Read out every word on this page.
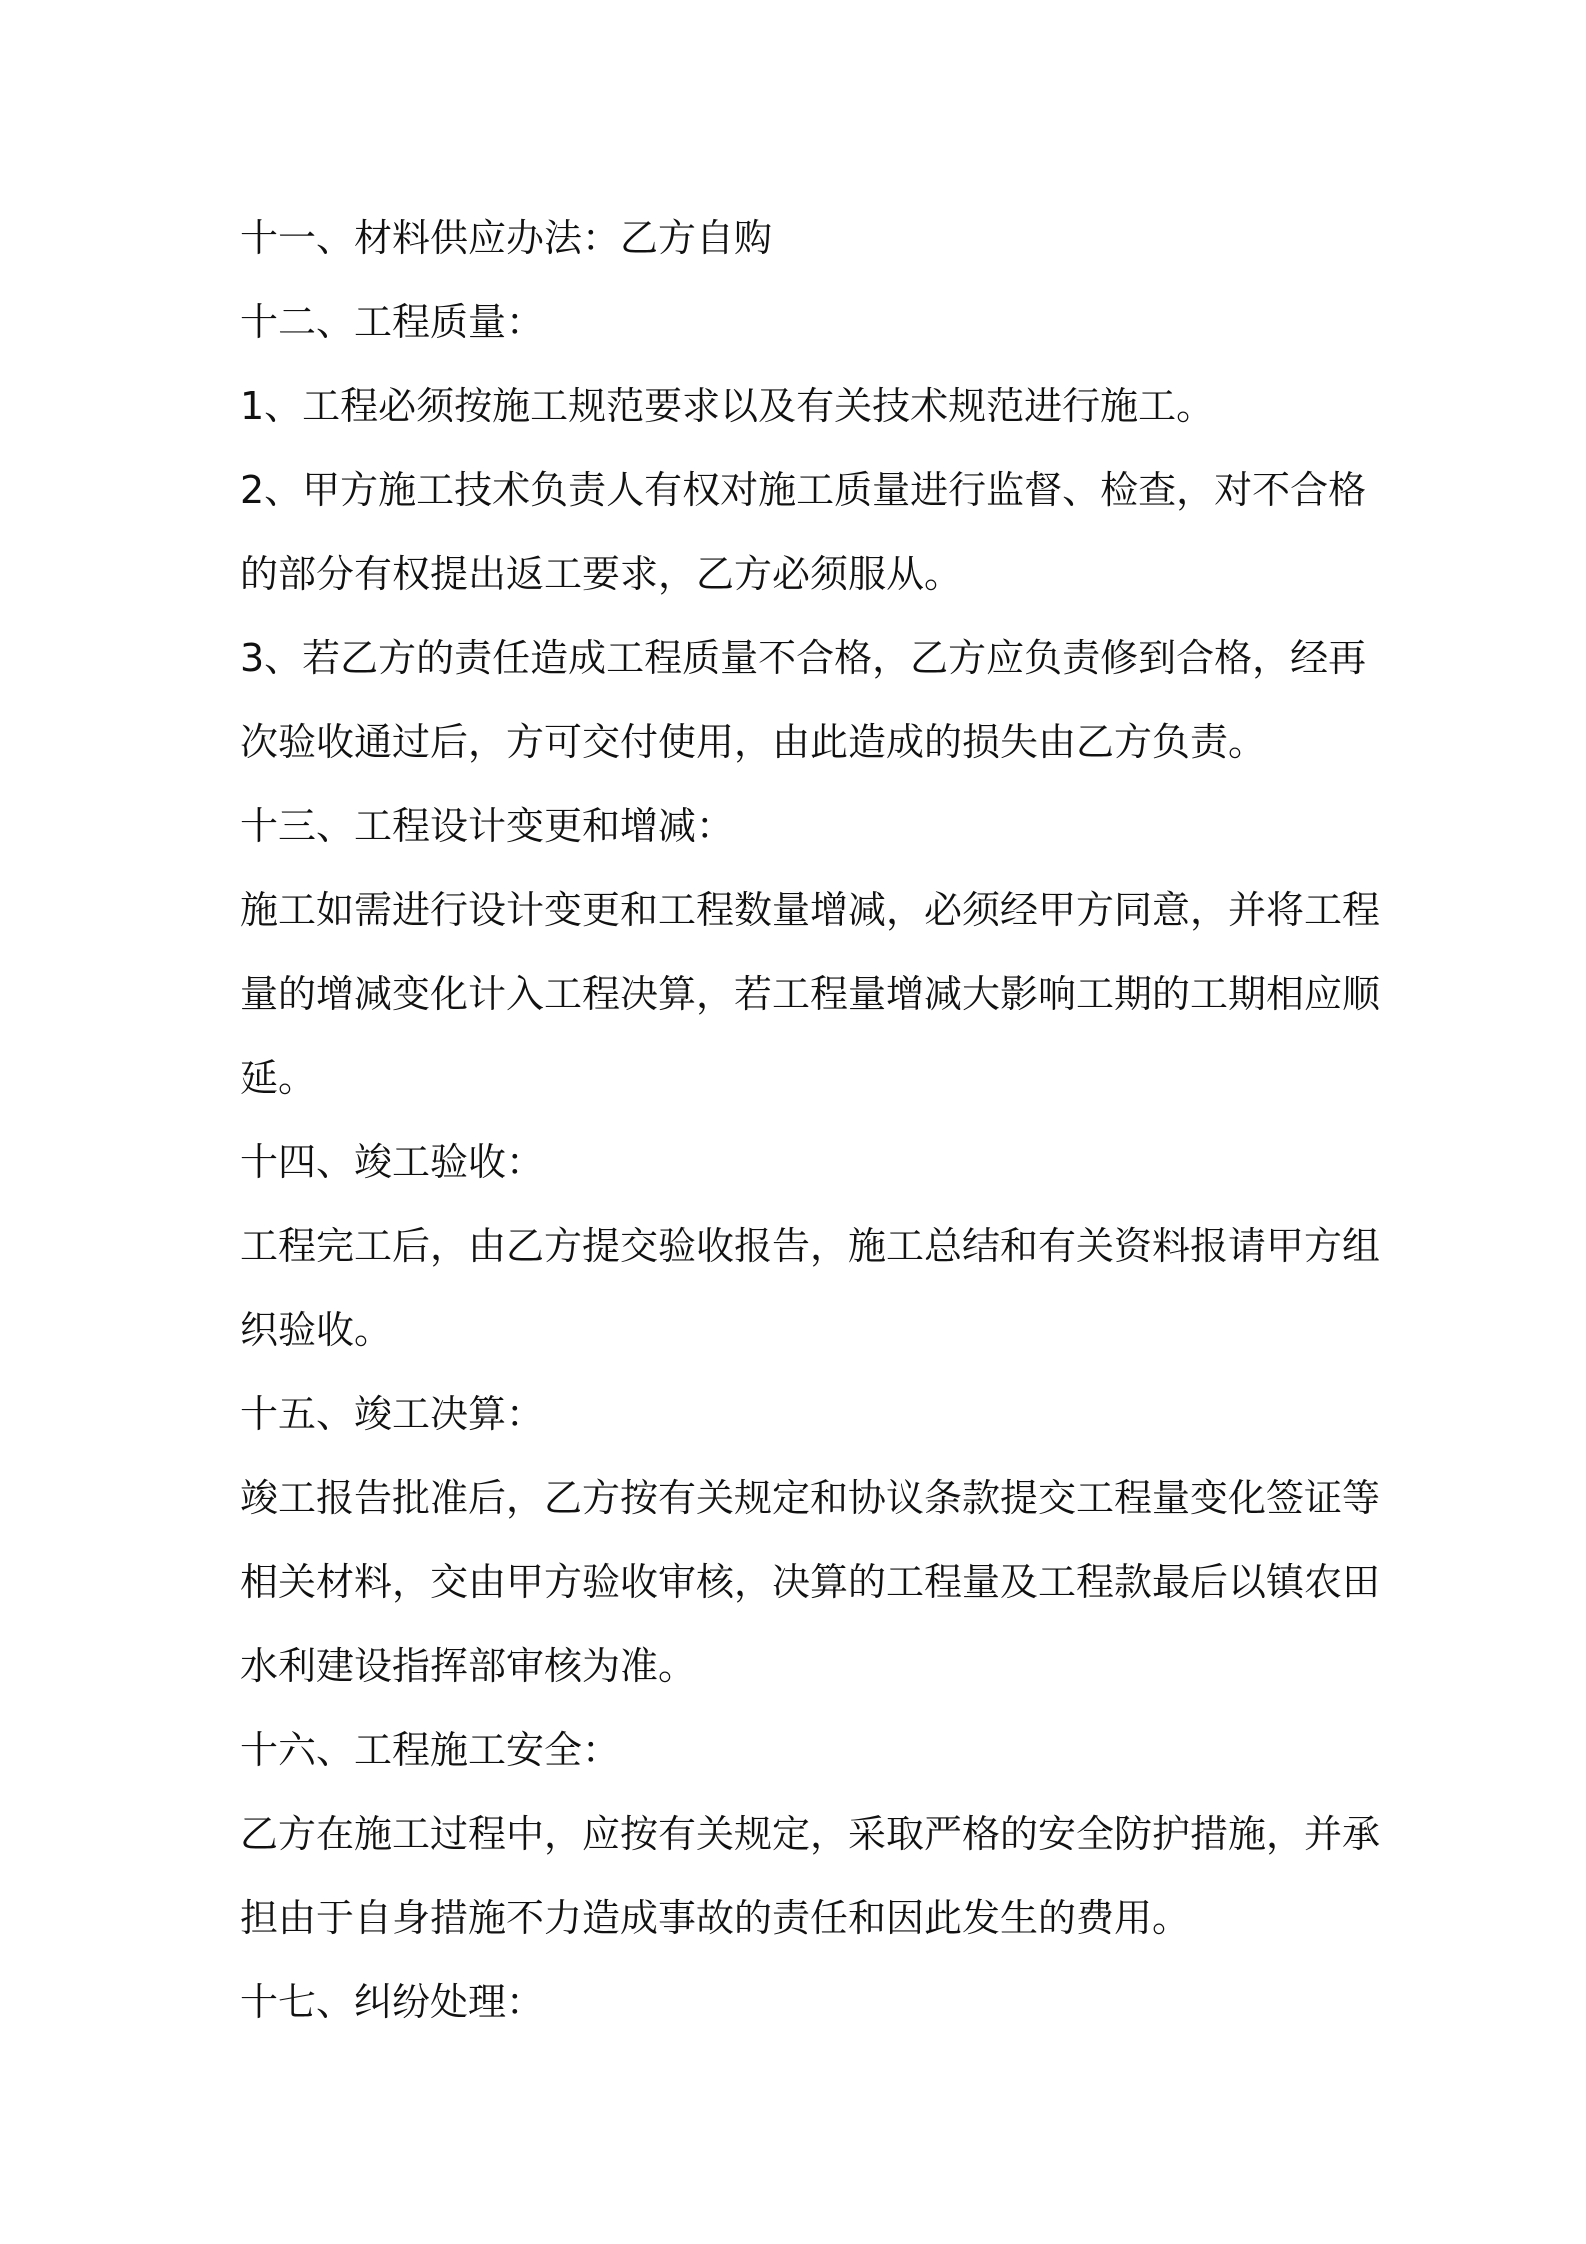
十一、材料供应办法：乙方自购
十二、工程质量：
1、工程必须按施工规范要求以及有关技术规范进行施工。
2、甲方施工技术负责人有权对施工质量进行监督、检查，对不合格
的部分有权提出返工要求，乙方必须服从。
3、若乙方的责任造成工程质量不合格，乙方应负责修到合格，经再
次验收通过后，方可交付使用，由此造成的损失由乙方负责。
十三、工程设计变更和增减：
施工如需进行设计变更和工程数量增减，必须经甲方同意，并将工程
量的增减变化计入工程决算，若工程量增减大影响工期的工期相应顺
延。
十四、竣工验收：
工程完工后，由乙方提交验收报告，施工总结和有关资料报请甲方组
织验收。
十五、竣工决算：
竣工报告批准后，乙方按有关规定和协议条款提交工程量变化签证等
相关材料，交由甲方验收审核，决算的工程量及工程款最后以镇农田
水利建设指挥部审核为准。
十六、工程施工安全：
乙方在施工过程中，应按有关规定，采取严格的安全防护措施，并承
担由于自身措施不力造成事故的责任和因此发生的费用。
十七、纠纷处理：
